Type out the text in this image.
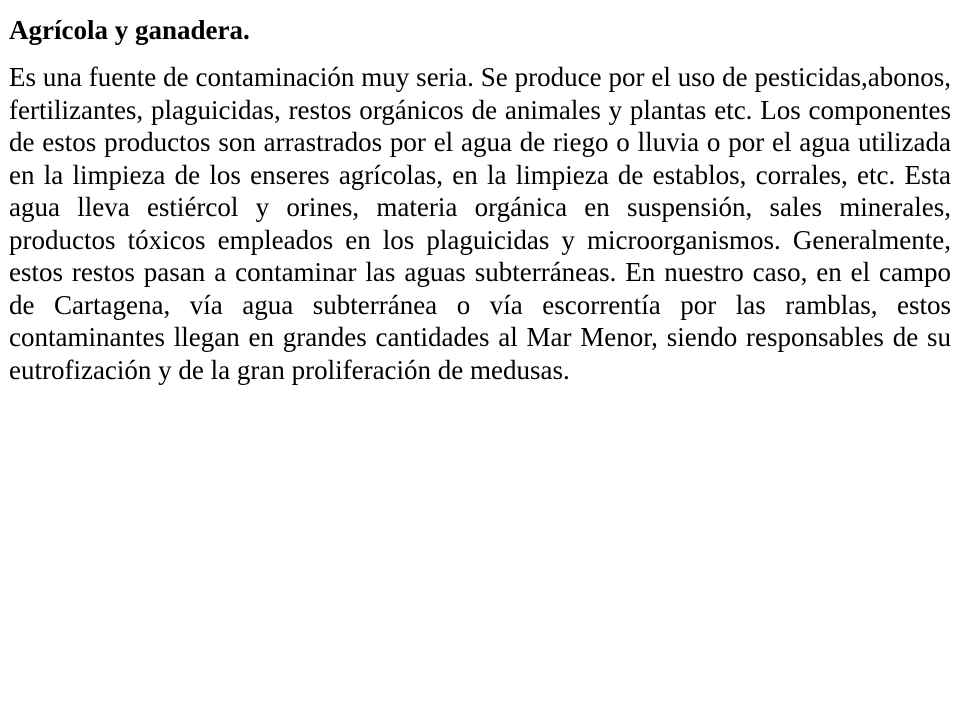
Agrícola y ganadera.

Es una fuente de contaminación muy seria. Se produce por el uso de pesticidas,abonos, fertilizantes, plaguicidas, restos orgánicos de animales y plantas etc. Los componentes de estos productos son arrastrados por el agua de riego o lluvia o por el agua utilizada en la limpieza de los enseres agrícolas, en la limpieza de establos, corrales, etc. Esta agua lleva estiércol y orines, materia orgánica en suspensión, sales minerales, productos tóxicos empleados en los plaguicidas y microorganismos. Generalmente, estos restos pasan a contaminar las aguas subterráneas. En nuestro caso, en el campo de Cartagena, vía agua subterránea o vía escorrentía por las ramblas, estos contaminantes llegan en grandes cantidades al Mar Menor, siendo responsables de su eutrofización y de la gran proliferación de medusas.
